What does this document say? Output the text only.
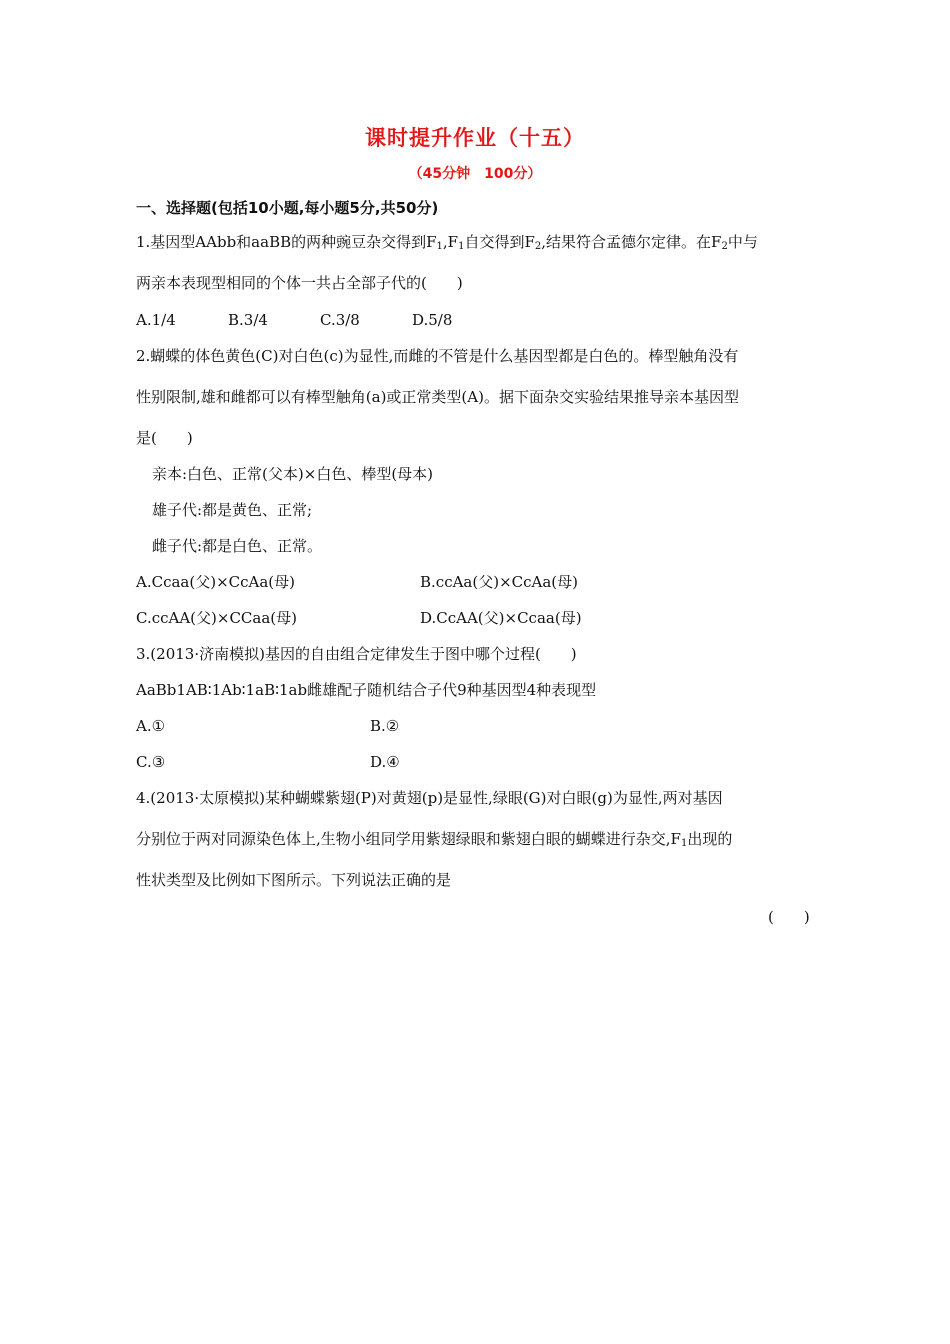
课时提升作业（十五）
（45分钟　100分）
一、选择题(包括10小题,每小题5分,共50分)
1.基因型AAbb和aaBB的两种豌豆杂交得到$F_1,F_1$自交得到$F_2$,结果符合孟德尔定律。在$F_2$中与
两亲本表现型相同的个体一共占全部子代的(　　)
A.1/4	B.3/4	C.3/8	D.5/8
2.蝴蝶的体色黄色(C)对白色(c)为显性,而雌的不管是什么基因型都是白色的。棒型触角没有
性别限制,雄和雌都可以有棒型触角(a)或正常类型(A)。据下面杂交实验结果推导亲本基因型
是(　　)
亲本:白色、正常(父本)×白色、棒型(母本)
雄子代:都是黄色、正常;
雌子代:都是白色、正常。
A.Ccaa(父)×CcAa(母)	B.ccAa(父)×CcAa(母)
C.ccAA(父)×CCaa(母)	D.CcAA(父)×Ccaa(母)
3.(2013·济南模拟)基因的自由组合定律发生于图中哪个过程(　　)
AaBb1AB∶1Ab∶1aB∶1ab雌雄配子随机结合子代9种基因型4种表现型
A.①	B.②
C.③	D.④
4.(2013·太原模拟)某种蝴蝶紫翅(P)对黄翅(p)是显性,绿眼(G)对白眼(g)为显性,两对基因
分别位于两对同源染色体上,生物小组同学用紫翅绿眼和紫翅白眼的蝴蝶进行杂交$,F_1$出现的
性状类型及比例如下图所示。下列说法正确的是
(　　)
